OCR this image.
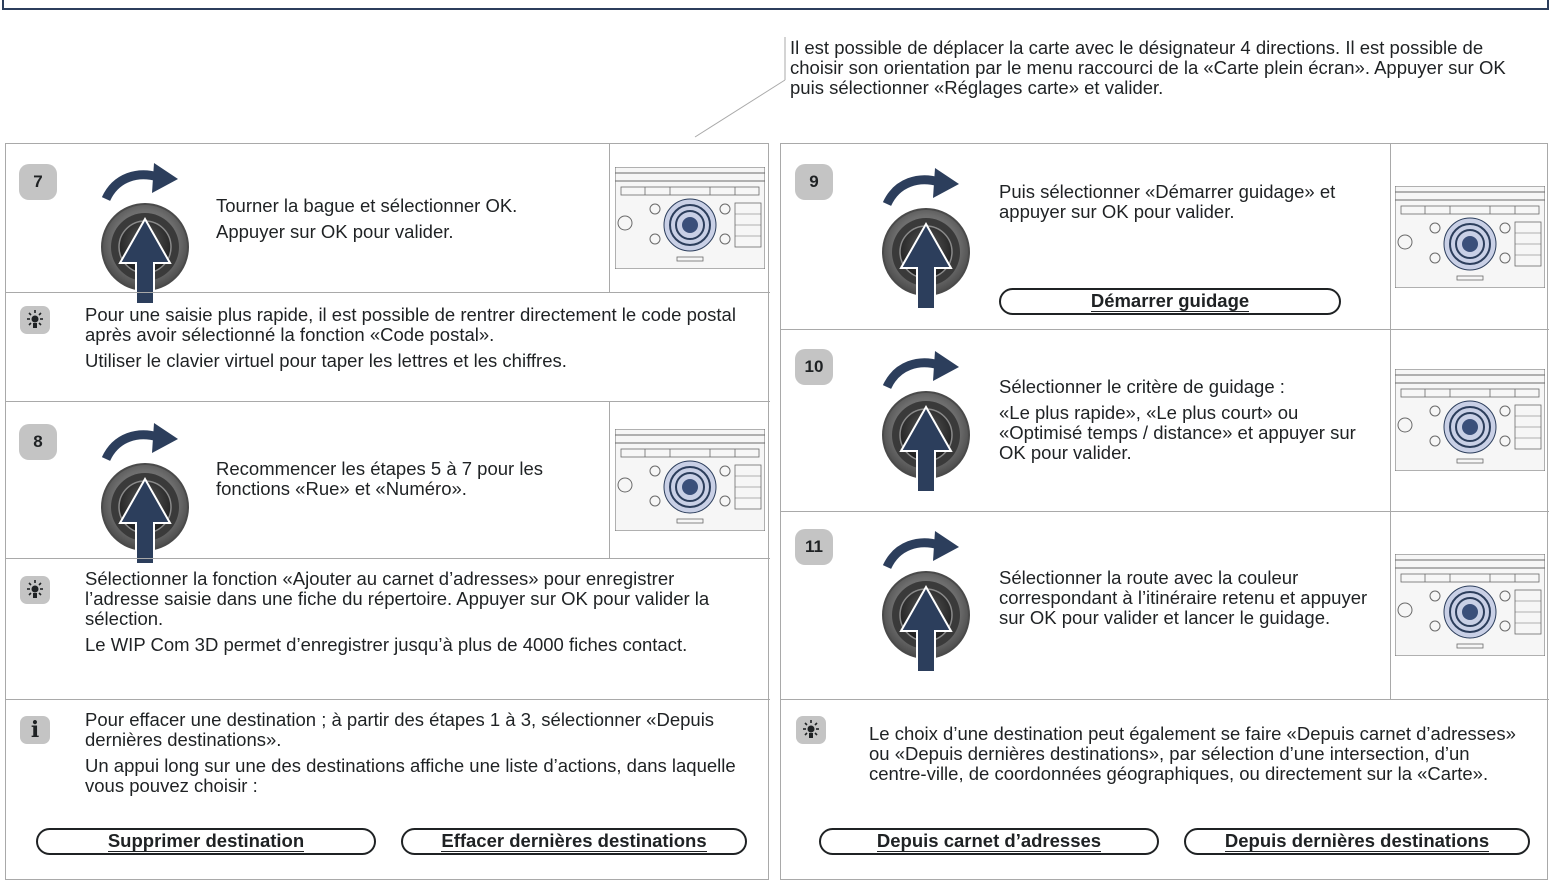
Il est possible de déplacer la carte avec le désignateur 4 directions. Il est possible de choisir son orientation par le menu raccourci de la «Carte plein écran». Appuyer sur OK puis sélectionner «Réglages carte» et valider.
7

Tourner la bague et sélectionner OK.

Appuyer sur OK pour valider.

Pour une saisie plus rapide, il est possible de rentrer directement le code postal après avoir sélectionné la fonction «Code postal».

Utiliser le clavier virtuel pour taper les lettres et les chiffres.

8

Recommencer les étapes 5 à 7 pour les fonctions «Rue» et «Numéro».

Sélectionner la fonction «Ajouter au carnet d’adresses» pour enregistrer l’adresse saisie dans une fiche du répertoire. Appuyer sur OK pour valider la sélection.

Le WIP Com 3D permet d’enregistrer jusqu’à plus de 4000 fiches contact.

i Pour effacer une destination ; à partir des étapes 1 à 3, sélectionner «Depuis dernières destinations».

Un appui long sur une des destinations affiche une liste d’actions, dans laquelle vous pouvez choisir :

Supprimer destination	Effacer dernières destinations
9	Puis sélectionner «Démarrer guidage» et appuyer sur OK pour valider.

Démarrer guidage
10

Sélectionner le critère de guidage :

«Le plus rapide», «Le plus court» ou «Optimisé temps / distance» et appuyer sur OK pour valider.

11

Sélectionner la route avec la couleur correspondant à l’itinéraire retenu et appuyer sur OK pour valider et lancer le guidage.

Le choix d’une destination peut également se faire «Depuis carnet d’adresses» ou «Depuis dernières destinations», par sélection d’une intersection, d’un centre-ville, de coordonnées géographiques, ou directement sur la «Carte».

Depuis carnet d’adresses	Depuis dernières destinations
